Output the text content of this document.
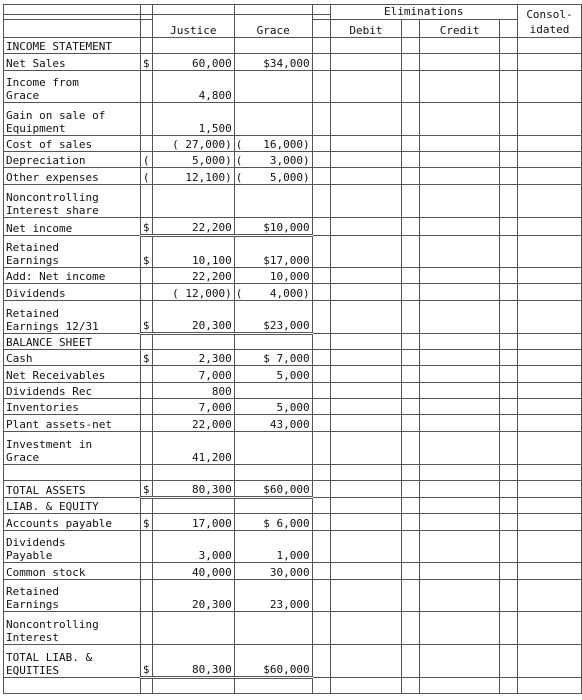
					Eliminations				Consol-
idated
		Justice	Grace						
					Debit		Credit		
INCOME STATEMENT									
Net Sales	$	60,000	$34,000						
Income from
Grace		4,800							
Gain on sale of
Equipment		1,500							
Cost of sales		( 27,000)	( 16,000)						
Depreciation	(	5,000)	( 3,000)						
Other expenses	(	12,100)	( 5,000)						
Noncontrolling
Interest share									
Net income	$	22,200	$10,000						
Retained
Earnings	$	10,100	$17,000						
Add: Net income		22,200	10,000						
Dividends		( 12,000)	( 4,000)						
Retained
Earnings 12/31	$	20,300	$23,000						
BALANCE SHEET									
Cash	$	2,300	$ 7,000						
Net Receivables		7,000	5,000						
Dividends Rec		800							
Inventories		7,000	5,000						
Plant assets-net		22,000	43,000						
Investment in
Grace		41,200							

TOTAL ASSETS	$	80,300	$60,000						
LIAB. & EQUITY									
Accounts payable	$	17,000	$ 6,000						
Dividends
Payable		3,000	1,000						
Common stock		40,000	30,000						
Retained
Earnings		20,300	23,000						
Noncontrolling
Interest									
TOTAL LIAB. &
EQUITIES	$	80,300	$60,000						
